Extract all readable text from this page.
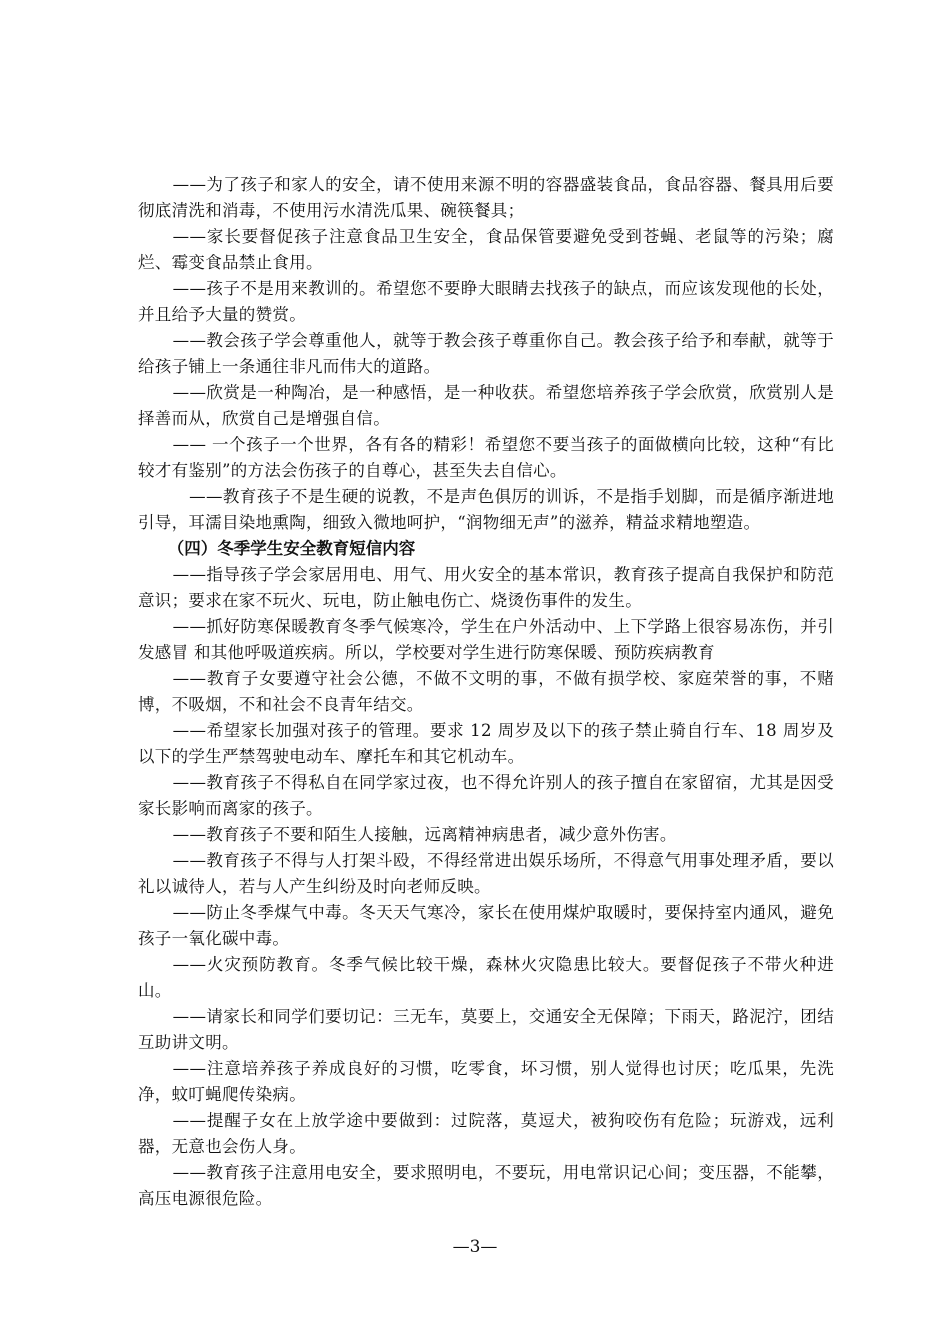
——为了孩子和家人的安全，请不使用来源不明的容器盛装食品，食品容器、餐具用后要彻底清洗和消毒，不使用污水清洗瓜果、碗筷餐具；

——家长要督促孩子注意食品卫生安全，食品保管要避免受到苍蝇、老鼠等的污染；腐烂、霉变食品禁止食用。

——孩子不是用来教训的。希望您不要睁大眼睛去找孩子的缺点，而应该发现他的长处，并且给予大量的赞赏。

——教会孩子学会尊重他人，就等于教会孩子尊重你自己。教会孩子给予和奉献，就等于给孩子铺上一条通往非凡而伟大的道路。

——欣赏是一种陶冶，是一种感悟，是一种收获。希望您培养孩子学会欣赏，欣赏别人是择善而从，欣赏自己是增强自信。

—— 一个孩子一个世界，各有各的精彩！希望您不要当孩子的面做横向比较，这种“有比较才有鉴别”的方法会伤孩子的自尊心，甚至失去自信心。

——教育孩子不是生硬的说教，不是声色俱厉的训诉，不是指手划脚，而是循序渐进地引导，耳濡目染地熏陶，细致入微地呵护，“润物细无声”的滋养，精益求精地塑造。

（四）冬季学生安全教育短信内容

——指导孩子学会家居用电、用气、用火安全的基本常识，教育孩子提高自我保护和防范意识；要求在家不玩火、玩电，防止触电伤亡、烧烫伤事件的发生。

——抓好防寒保暖教育冬季气候寒冷，学生在户外活动中、上下学路上很容易冻伤，并引发感冒 和其他呼吸道疾病。所以，学校要对学生进行防寒保暖、预防疾病教育

——教育子女要遵守社会公德，不做不文明的事，不做有损学校、家庭荣誉的事，不赌博，不吸烟，不和社会不良青年结交。

——希望家长加强对孩子的管理。要求 12 周岁及以下的孩子禁止骑自行车、18 周岁及以下的学生严禁驾驶电动车、摩托车和其它机动车。

——教育孩子不得私自在同学家过夜，也不得允许别人的孩子擅自在家留宿，尤其是因受家长影响而离家的孩子。

——教育孩子不要和陌生人接触，远离精神病患者，减少意外伤害。

——教育孩子不得与人打架斗殴，不得经常进出娱乐场所，不得意气用事处理矛盾，要以礼以诚待人，若与人产生纠纷及时向老师反映。

——防止冬季煤气中毒。冬天天气寒冷，家长在使用煤炉取暖时，要保持室内通风，避免孩子一氧化碳中毒。

——火灾预防教育。冬季气候比较干燥，森林火灾隐患比较大。要督促孩子不带火种进山。

——请家长和同学们要切记：三无车，莫要上，交通安全无保障；下雨天，路泥泞，团结互助讲文明。

——注意培养孩子养成良好的习惯，吃零食，坏习惯，别人觉得也讨厌；吃瓜果，先洗净，蚊叮蝇爬传染病。

——提醒子女在上放学途中要做到：过院落，莫逗犬，被狗咬伤有危险；玩游戏，远利器，无意也会伤人身。

——教育孩子注意用电安全，要求照明电，不要玩，用电常识记心间；变压器，不能攀，高压电源很危险。

—3—
